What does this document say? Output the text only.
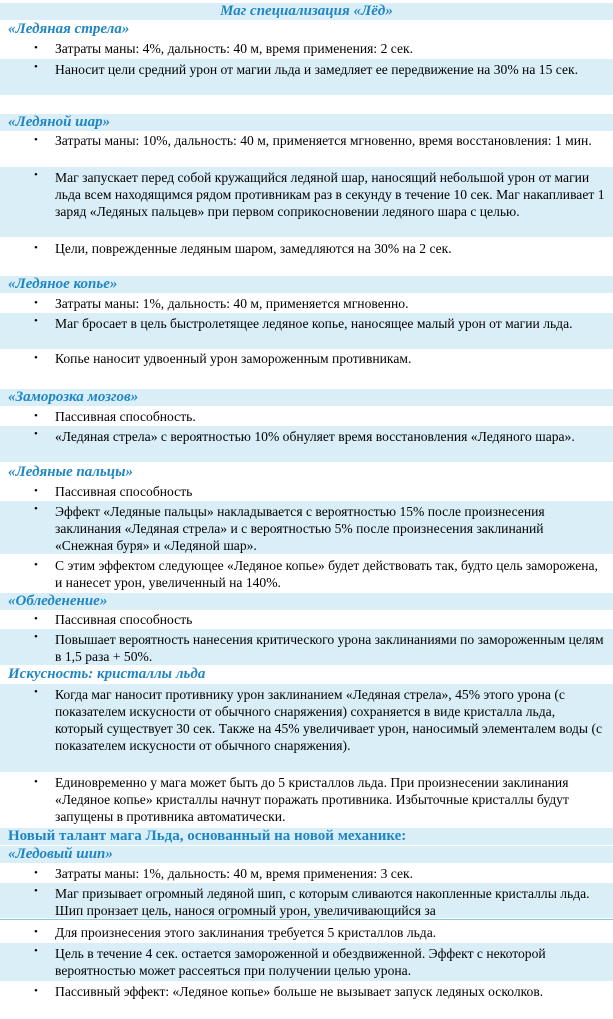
Маг специализация «Лёд»
«Ледяная стрела»
• Затраты маны: 4%, дальность: 40 м, время применения: 2 сек.
• Наносит цели средний урон от магии льда и замедляет ее передвижение на 30% на 15 сек.
«Ледяной шар»
• Затраты маны: 10%, дальность: 40 м, применяется мгновенно, время восстановления: 1 мин.
• Маг запускает перед собой кружащийся ледяной шар, наносящий небольшой урон от магии льда всем находящимся рядом противникам раз в секунду в течение 10 сек. Маг накапливает 1 заряд «Ледяных пальцев» при первом соприкосновении ледяного шара с целью.
• Цели, поврежденные ледяным шаром, замедляются на 30% на 2 сек.
«Ледяное копье»
• Затраты маны: 1%, дальность: 40 м, применяется мгновенно.
• Маг бросает в цель быстролетящее ледяное копье, наносящее малый урон от магии льда.
• Копье наносит удвоенный урон замороженным противникам.
«Заморозка мозгов»
• Пассивная способность.
• «Ледяная стрела» с вероятностью 10% обнуляет время восстановления «Ледяного шара».
«Ледяные пальцы»
• Пассивная способность
• Эффект «Ледяные пальцы» накладывается с вероятностью 15% после произнесения заклинания «Ледяная стрела» и с вероятностью 5% после произнесения заклинаний «Снежная буря» и «Ледяной шар».
• С этим эффектом следующее «Ледяное копье» будет действовать так, будто цель заморожена, и нанесет урон, увеличенный на 140%.
«Обледенение»
• Пассивная способность
• Повышает вероятность нанесения критического урона заклинаниями по замороженным целям в 1,5 раза + 50%.
Искусность: кристаллы льда
• Когда маг наносит противнику урон заклинанием «Ледяная стрела», 45% этого урона (с показателем искусности от обычного снаряжения) сохраняется в виде кристалла льда, который существует 30 сек. Также на 45% увеличивает урон, наносимый элементалем воды (с показателем искусности от обычного снаряжения).
• Единовременно у мага может быть до 5 кристаллов льда. При произнесении заклинания «Ледяное копье» кристаллы начнут поражать противника. Избыточные кристаллы будут запущены в противника автоматически.
Новый талант мага Льда, основанный на новой механике:
«Ледовый шип»
• Затраты маны: 1%, дальность: 40 м, время применения: 3 сек.
• Маг призывает огромный ледяной шип, с которым сливаются накопленные кристаллы льда. Шип пронзает цель, нанося огромный урон, увеличивающийся за
• Для произнесения этого заклинания требуется 5 кристаллов льда.
• Цель в течение 4 сек. остается замороженной и обездвиженной. Эффект с некоторой вероятностью может рассеяться при получении целью урона.
• Пассивный эффект: «Ледяное копье» больше не вызывает запуск ледяных осколков.
